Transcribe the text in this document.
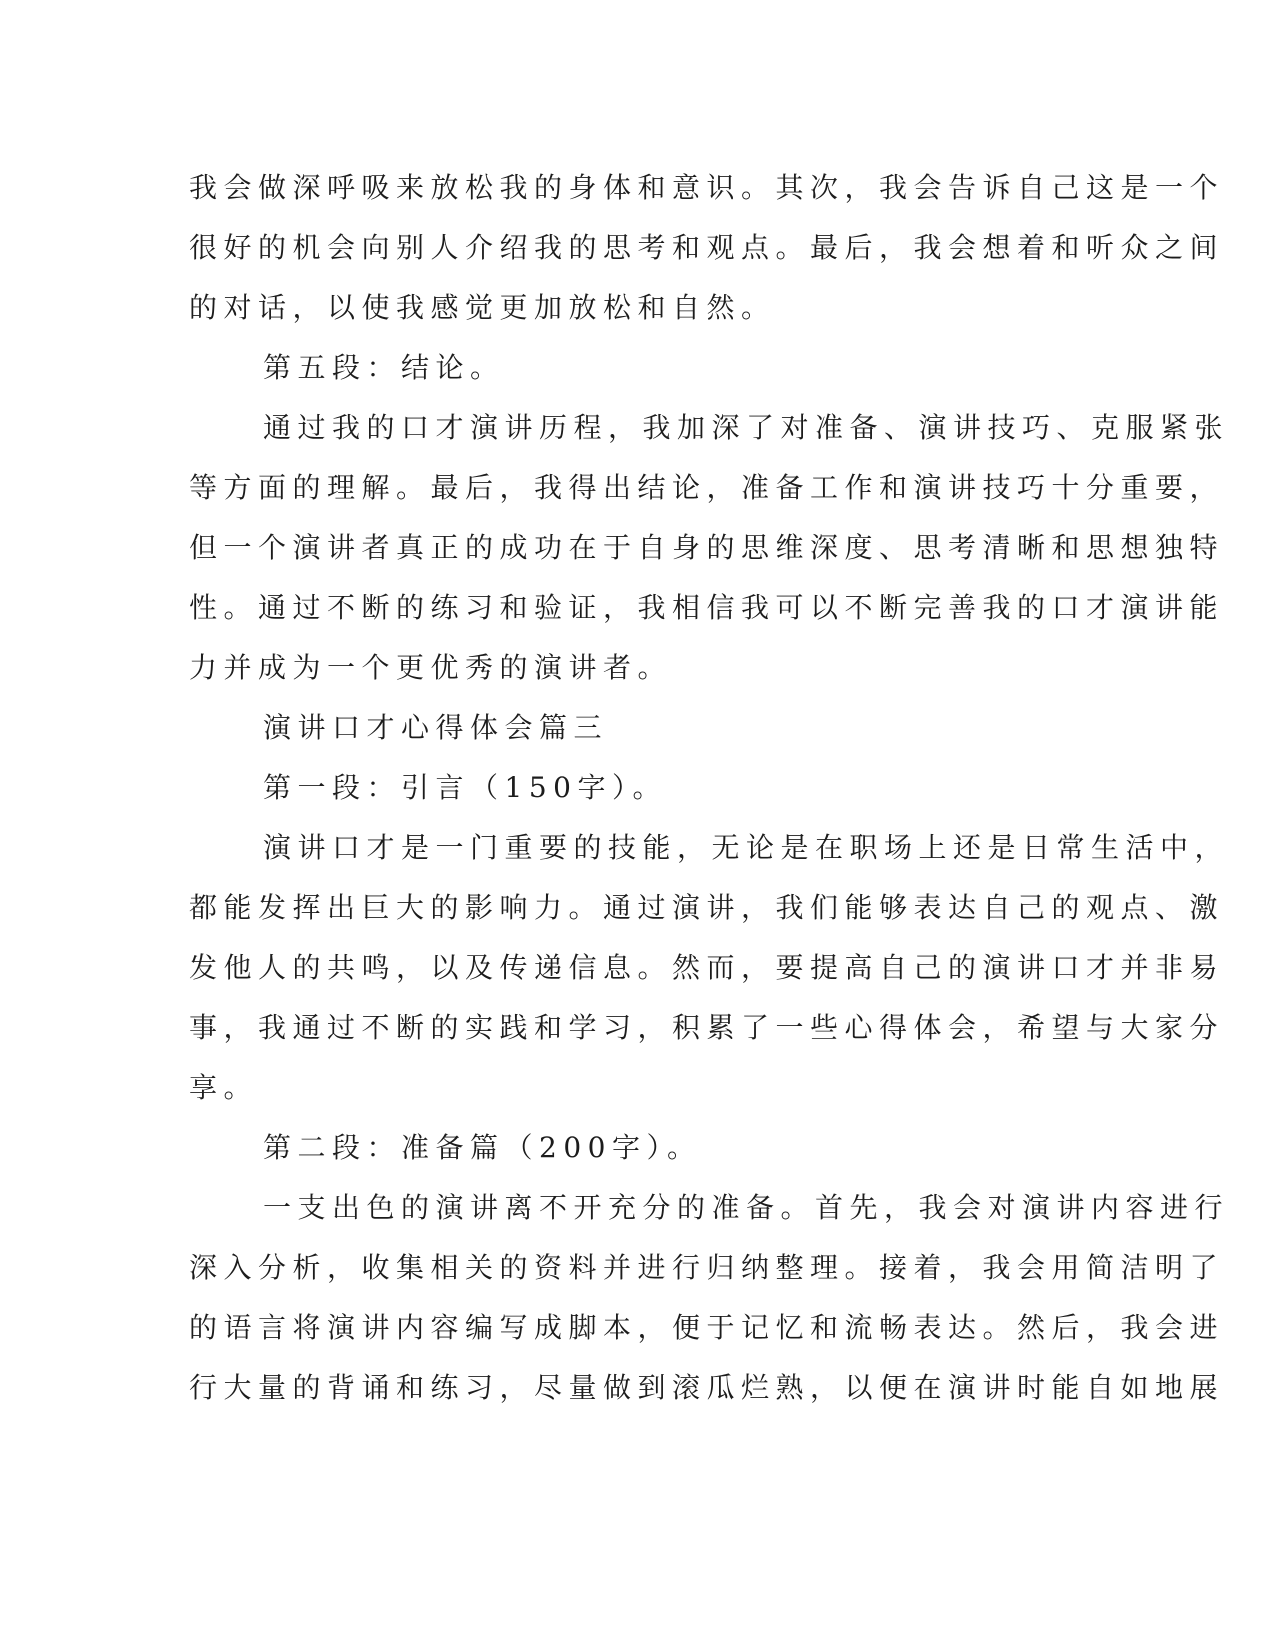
我会做深呼吸来放松我的身体和意识。其次，我会告诉自己这是一个
很好的机会向别人介绍我的思考和观点。最后，我会想着和听众之间
的对话，以使我感觉更加放松和自然。
第五段：结论。
通过我的口才演讲历程，我加深了对准备、演讲技巧、克服紧张
等方面的理解。最后，我得出结论，准备工作和演讲技巧十分重要，
但一个演讲者真正的成功在于自身的思维深度、思考清晰和思想独特
性。通过不断的练习和验证，我相信我可以不断完善我的口才演讲能
力并成为一个更优秀的演讲者。
演讲口才心得体会篇三
第一段：引言（150字）。
演讲口才是一门重要的技能，无论是在职场上还是日常生活中，
都能发挥出巨大的影响力。通过演讲，我们能够表达自己的观点、激
发他人的共鸣，以及传递信息。然而，要提高自己的演讲口才并非易
事，我通过不断的实践和学习，积累了一些心得体会，希望与大家分
享。
第二段：准备篇（200字）。
一支出色的演讲离不开充分的准备。首先，我会对演讲内容进行
深入分析，收集相关的资料并进行归纳整理。接着，我会用简洁明了
的语言将演讲内容编写成脚本，便于记忆和流畅表达。然后，我会进
行大量的背诵和练习，尽量做到滚瓜烂熟，以便在演讲时能自如地展
